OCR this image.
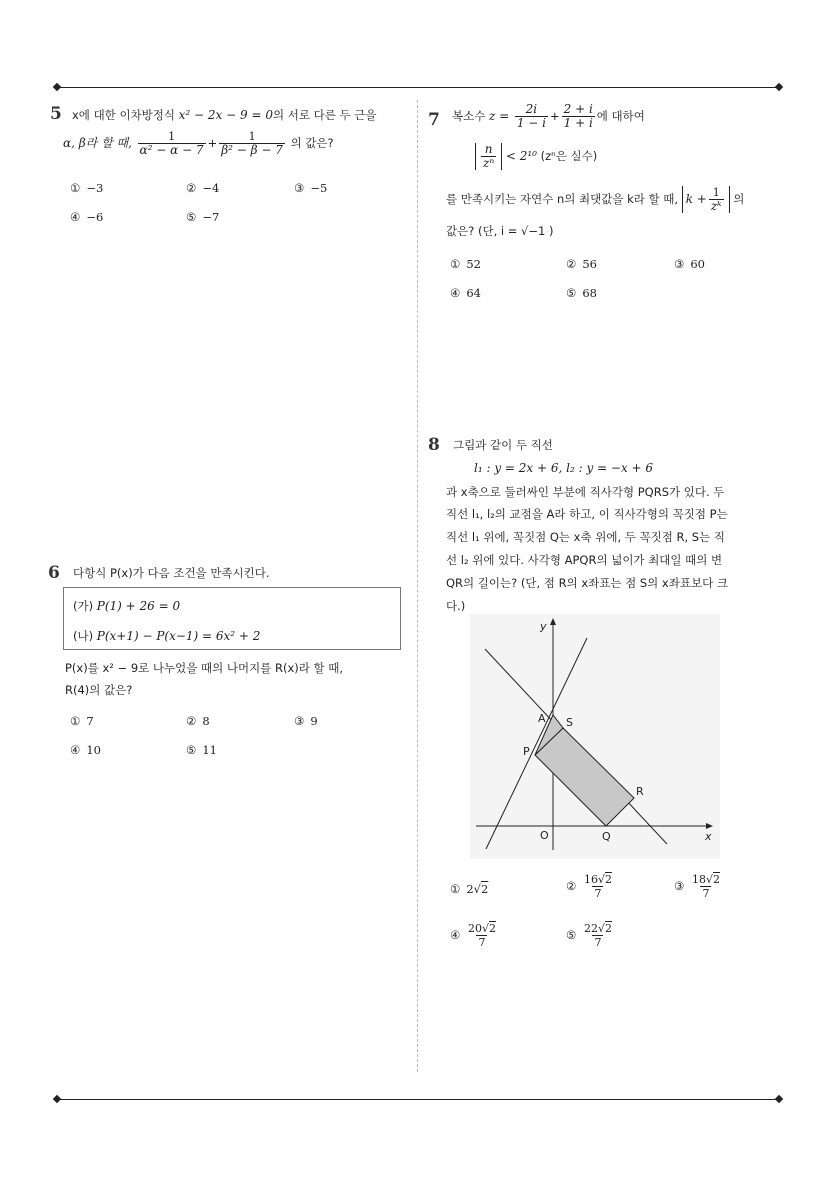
5 x에 대한 이차방정식 x² − 2x − 9 = 0의 서로 다른 두 근을
α, β라 할 때, $\frac{1}{\text{α² − α − 7}} + \frac{1}{\text{β² − β − 7}}$ 의 값은?
① −3	② −4	③ −5
④ −6	⑤ −7
6 다항식 P(x)가 다음 조건을 만족시킨다.
(가) P(1) + 26 = 0
(나) P(x+1) − P(x−1) = 6x² + 2
P(x)를 x² − 9로 나누었을 때의 나머지를 R(x)라 할 때,
R(4)의 값은?
① 7	② 8	③ 9
④ 10	⑤ 11
7 복소수 $z = \frac{2i}{1 - i} + \frac{2 + i}{1 + i}$ 에 대하여
$\frac{n}{\text{zⁿ}} < 2^{10}$ (zⁿ은 실수)
를 만족시키는 자연수 n의 최댓값을 k라 할 때, $k + \frac{1}{\text{zᵏ}}$ 의
값은? (단, i = √−1 )
① 52	② 56	③ 60
④ 64	⑤ 68
8 그림과 같이 두 직선
l₁ : y = 2x + 6, l₂ : y = −x + 6
과 x축으로 둘러싸인 부분에 직사각형 PQRS가 있다. 두
직선 l₁, l₂의 교점을 A라 하고, 이 직사각형의 꼭짓점 P는
직선 l₁ 위에, 꼭짓점 Q는 x축 위에, 두 꼭짓점 R, S는 직
선 l₂ 위에 있다. 사각형 APQR의 넓이가 최대일 때의 변
QR의 길이는? (단, 점 R의 x좌표는 점 S의 x좌표보다 크
다.)
y
x
O
A S
P
R
Q
① 2√2	② $\frac{16√2}{7}$	③ $\frac{18√2}{7}$
④ $\frac{20√2}{7}$	⑤ $\frac{22√2}{7}$
